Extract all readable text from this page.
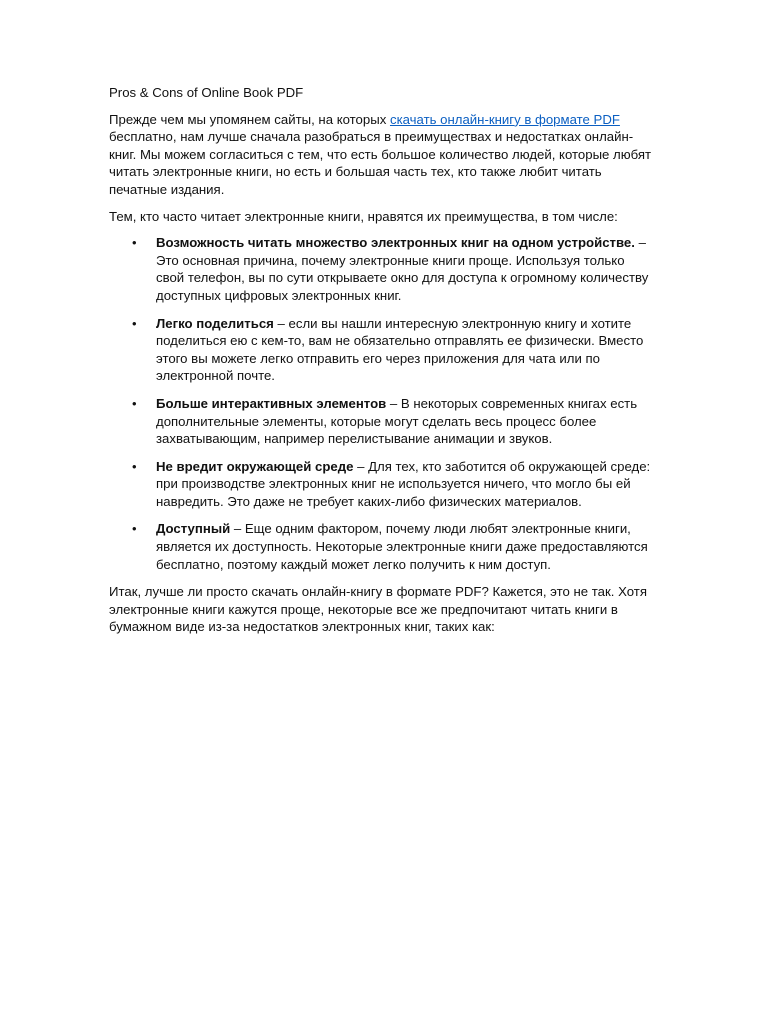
Pros & Cons of Online Book PDF

Прежде чем мы упомянем сайты, на которых скачать онлайн-книгу в формате PDF бесплатно, нам лучше сначала разобраться в преимуществах и недостатках онлайн-книг. Мы можем согласиться с тем, что есть большое количество людей, которые любят читать электронные книги, но есть и большая часть тех, кто также любит читать печатные издания.

Тем, кто часто читает электронные книги, нравятся их преимущества, в том числе:

• Возможность читать множество электронных книг на одном устройстве. – Это основная причина, почему электронные книги проще. Используя только свой телефон, вы по сути открываете окно для доступа к огромному количеству доступных цифровых электронных книг.
• Легко поделиться – если вы нашли интересную электронную книгу и хотите поделиться ею с кем-то, вам не обязательно отправлять ее физически. Вместо этого вы можете легко отправить его через приложения для чата или по электронной почте.
• Больше интерактивных элементов – В некоторых современных книгах есть дополнительные элементы, которые могут сделать весь процесс более захватывающим, например перелистывание анимации и звуков.
• Не вредит окружающей среде – Для тех, кто заботится об окружающей среде: при производстве электронных книг не используется ничего, что могло бы ей навредить. Это даже не требует каких-либо физических материалов.
• Доступный – Еще одним фактором, почему люди любят электронные книги, является их доступность. Некоторые электронные книги даже предоставляются бесплатно, поэтому каждый может легко получить к ним доступ.

Итак, лучше ли просто скачать онлайн-книгу в формате PDF? Кажется, это не так. Хотя электронные книги кажутся проще, некоторые все же предпочитают читать книги в бумажном виде из-за недостатков электронных книг, таких как:
